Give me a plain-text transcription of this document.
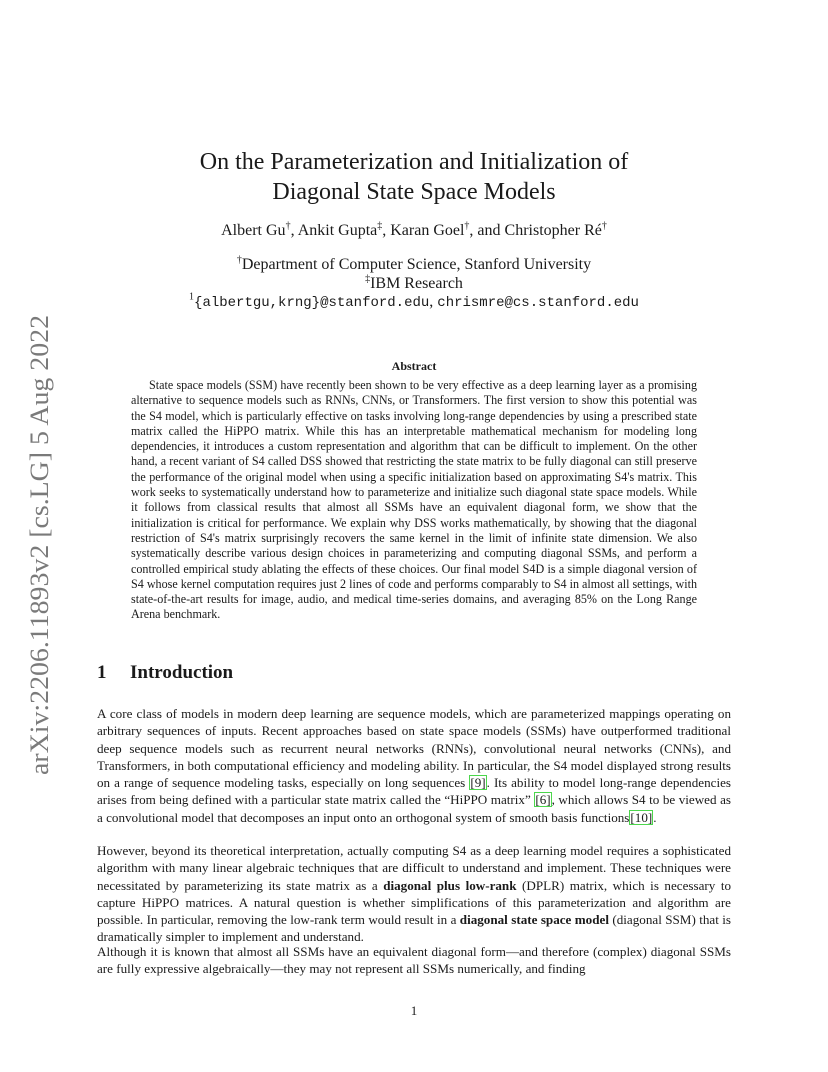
arXiv:2206.11893v2 [cs.LG] 5 Aug 2022
On the Parameterization and Initialization of
Diagonal State Space Models
Albert Gu†, Ankit Gupta‡, Karan Goel†, and Christopher Ré†
†Department of Computer Science, Stanford University
‡IBM Research
$^1${albertgu,krng}@stanford.edu, chrismre@cs.stanford.edu
Abstract

State space models (SSM) have recently been shown to be very effective as a deep learning layer as a promising alternative to sequence models such as RNNs, CNNs, or Transformers. The first version to show this potential was the S4 model, which is particularly effective on tasks involving long-range dependencies by using a prescribed state matrix called the HiPPO matrix. While this has an interpretable mathematical mechanism for modeling long dependencies, it introduces a custom representation and algorithm that can be difficult to implement. On the other hand, a recent variant of S4 called DSS showed that restricting the state matrix to be fully diagonal can still preserve the performance of the original model when using a specific initialization based on approximating S4's matrix. This work seeks to systematically understand how to parameterize and initialize such diagonal state space models. While it follows from classical results that almost all SSMs have an equivalent diagonal form, we show that the initialization is critical for performance. We explain why DSS works mathematically, by showing that the diagonal restriction of S4's matrix surprisingly recovers the same kernel in the limit of infinite state dimension. We also systematically describe various design choices in parameterizing and computing diagonal SSMs, and perform a controlled empirical study ablating the effects of these choices. Our final model S4D is a simple diagonal version of S4 whose kernel computation requires just 2 lines of code and performs comparably to S4 in almost all settings, with state-of-the-art results for image, audio, and medical time-series domains, and averaging 85% on the Long Range Arena benchmark.

1 Introduction

A core class of models in modern deep learning are sequence models, which are parameterized mappings operating on arbitrary sequences of inputs. Recent approaches based on state space models (SSMs) have outperformed traditional deep sequence models such as recurrent neural networks (RNNs), convolutional neural networks (CNNs), and Transformers, in both computational efficiency and modeling ability. In particular, the S4 model displayed strong results on a range of sequence modeling tasks, especially on long sequences [9]. Its ability to model long-range dependencies arises from being defined with a particular state matrix called the “HiPPO matrix” [6], which allows S4 to be viewed as a convolutional model that decomposes an input onto an orthogonal system of smooth basis functions[10].

However, beyond its theoretical interpretation, actually computing S4 as a deep learning model requires a sophisticated algorithm with many linear algebraic techniques that are difficult to understand and implement. These techniques were necessitated by parameterizing its state matrix as a diagonal plus low-rank (DPLR) matrix, which is necessary to capture HiPPO matrices. A natural question is whether simplifications of this parameterization and algorithm are possible. In particular, removing the low-rank term would result in a diagonal state space model (diagonal SSM) that is dramatically simpler to implement and understand.

Although it is known that almost all SSMs have an equivalent diagonal form—and therefore (complex) diagonal SSMs are fully expressive algebraically—they may not represent all SSMs numerically, and finding

1
